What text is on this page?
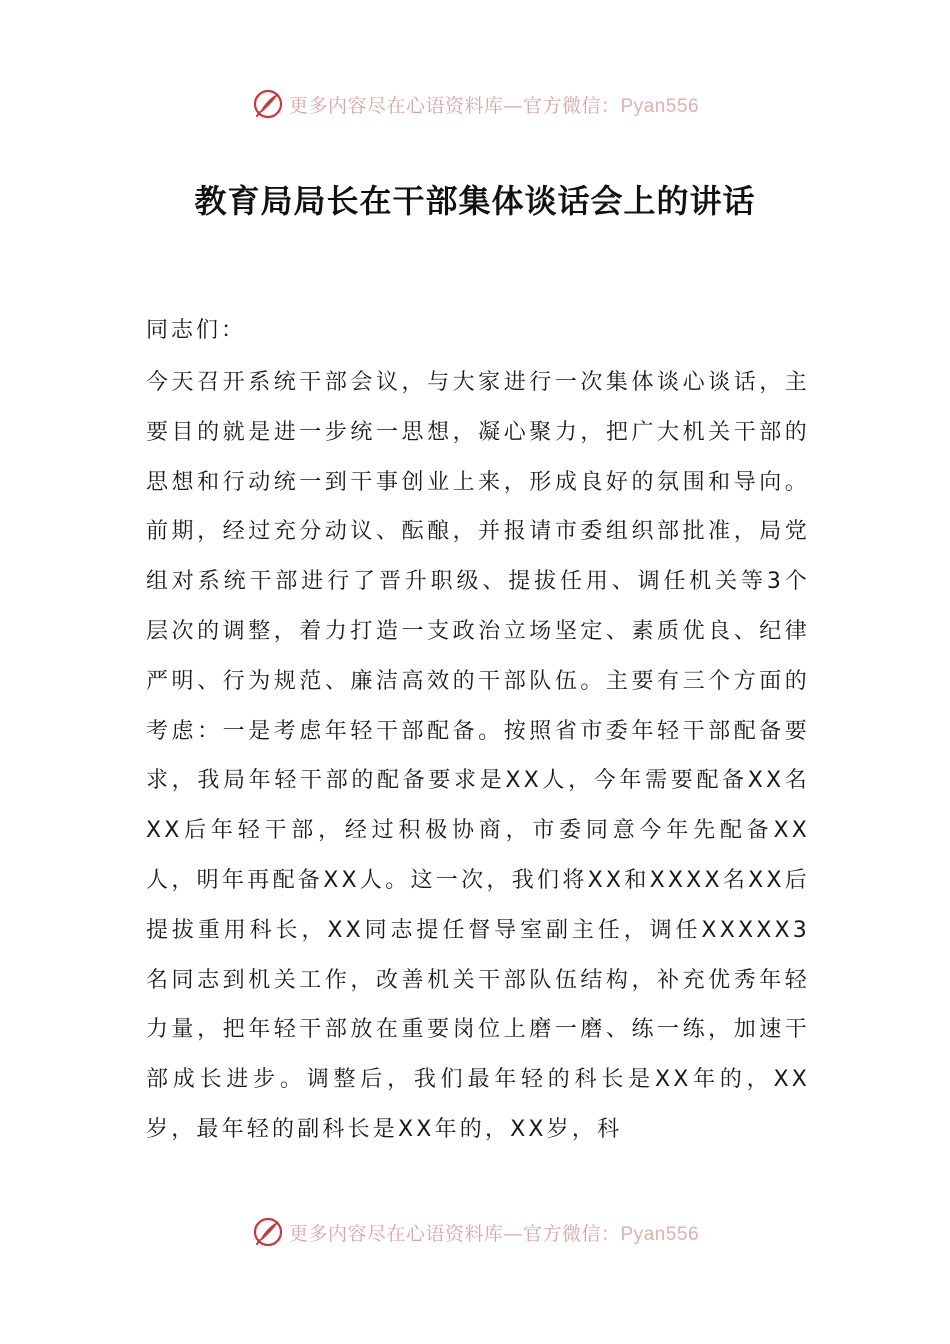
更多内容尽在心语资料库—官方微信：Pyan556
教育局局长在干部集体谈话会上的讲话
同志们：

今天召开系统干部会议，与大家进行一次集体谈心谈话，主要目的就是进一步统一思想，凝心聚力，把广大机关干部的思想和行动统一到干事创业上来，形成良好的氛围和导向。前期，经过充分动议、酝酿，并报请市委组织部批准，局党组对系统干部进行了晋升职级、提拔任用、调任机关等3个层次的调整，着力打造一支政治立场坚定、素质优良、纪律严明、行为规范、廉洁高效的干部队伍。主要有三个方面的考虑：一是考虑年轻干部配备。按照省市委年轻干部配备要求，我局年轻干部的配备要求是XX人，今年需要配备XX名XX后年轻干部，经过积极协商，市委同意今年先配备XX人，明年再配备XX人。这一次，我们将XX和XXXX名XX后提拔重用科长，XX同志提任督导室副主任，调任XXXXX3名同志到机关工作，改善机关干部队伍结构，补充优秀年轻力量，把年轻干部放在重要岗位上磨一磨、练一练，加速干部成长进步。调整后，我们最年轻的科长是XX年的，XX岁，最年轻的副科长是XX年的，XX岁，科

更多内容尽在心语资料库—官方微信：Pyan556
